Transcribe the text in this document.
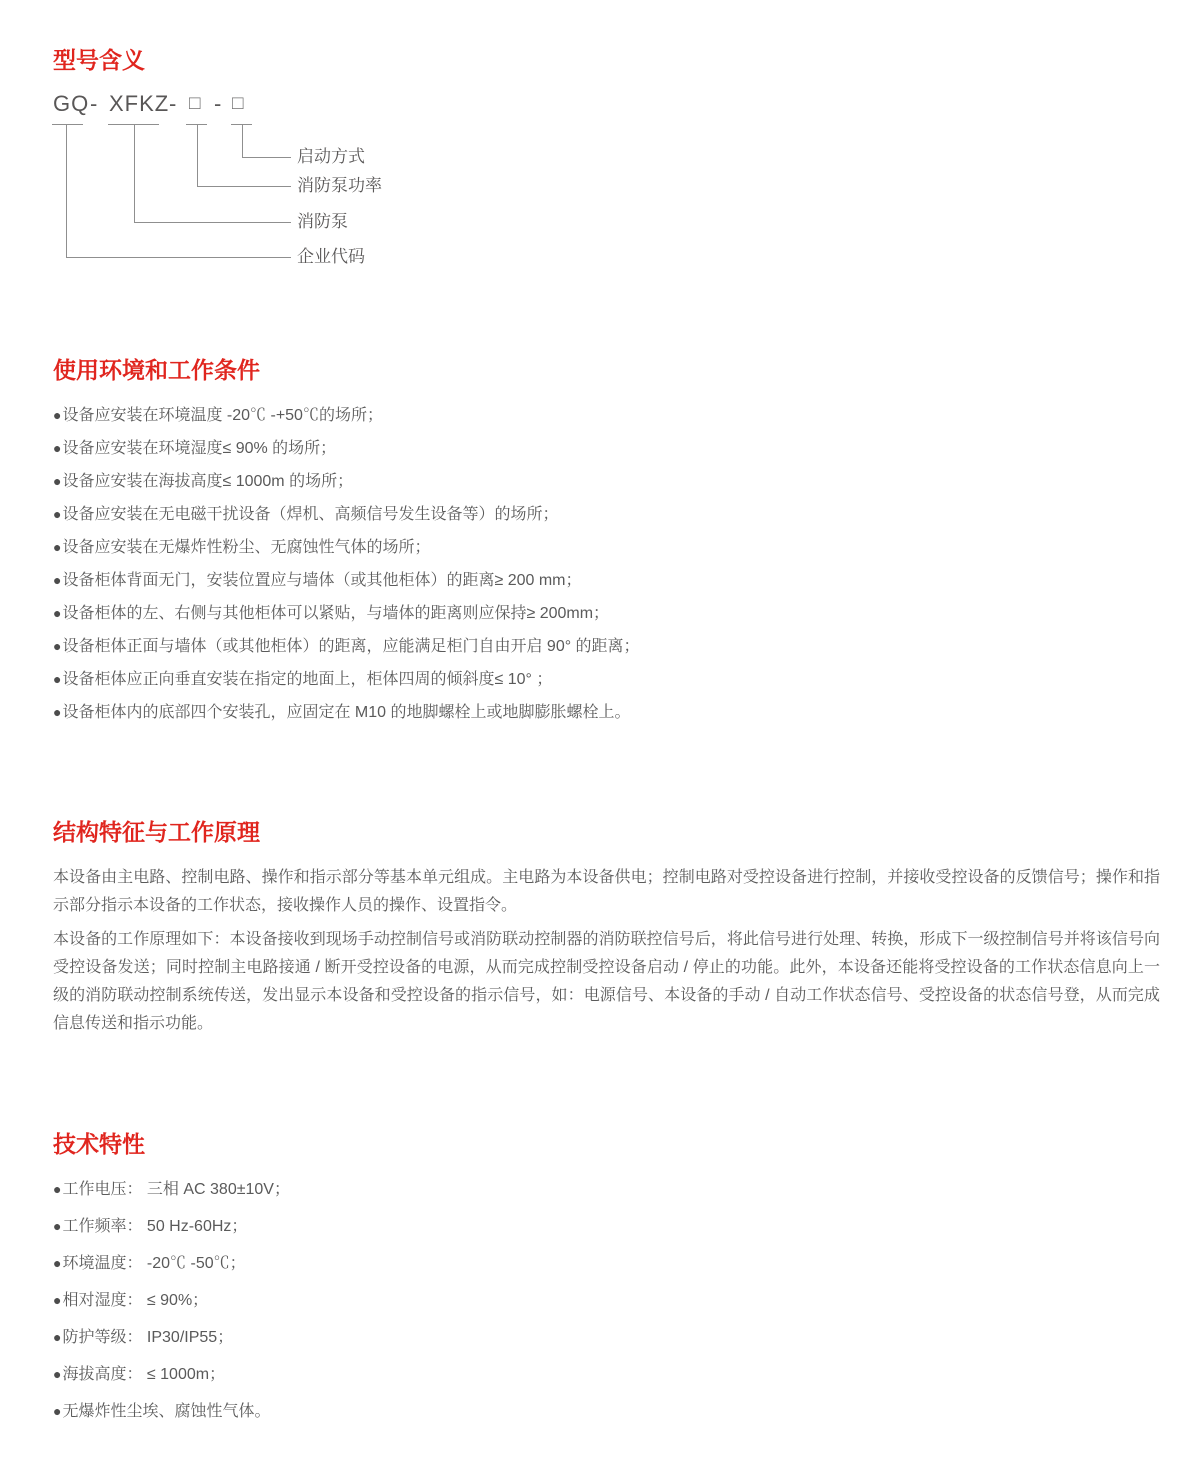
型号含义
GQ - XFKZ - □ - □
启动方式
消防泵功率
消防泵
企业代码
使用环境和工作条件
●设备应安装在环境温度 -20℃ -+50℃的场所；
●设备应安装在环境湿度≤ 90% 的场所；
●设备应安装在海拔高度≤ 1000m 的场所；
●设备应安装在无电磁干扰设备（焊机、高频信号发生设备等）的场所；
●设备应安装在无爆炸性粉尘、无腐蚀性气体的场所；
●设备柜体背面无门，安装位置应与墙体（或其他柜体）的距离≥ 200 mm；
●设备柜体的左、右侧与其他柜体可以紧贴，与墙体的距离则应保持≥ 200mm；
●设备柜体正面与墙体（或其他柜体）的距离，应能满足柜门自由开启 90° 的距离；
●设备柜体应正向垂直安装在指定的地面上，柜体四周的倾斜度≤ 10° ；
●设备柜体内的底部四个安装孔，应固定在 M10 的地脚螺栓上或地脚膨胀螺栓上。
结构特征与工作原理

本设备由主电路、控制电路、操作和指示部分等基本单元组成。主电路为本设备供电；控制电路对受控设备进行控制，并接收受控设备的反馈信号；操作和指示部分指示本设备的工作状态，接收操作人员的操作、设置指令。

本设备的工作原理如下：本设备接收到现场手动控制信号或消防联动控制器的消防联控信号后，将此信号进行处理、转换，形成下一级控制信号并将该信号向受控设备发送；同时控制主电路接通 / 断开受控设备的电源，从而完成控制受控设备启动 / 停止的功能。此外，本设备还能将受控设备的工作状态信息向上一级的消防联动控制系统传送，发出显示本设备和受控设备的指示信号，如：电源信号、本设备的手动 / 自动工作状态信号、受控设备的状态信号登，从而完成信息传送和指示功能。

技术特性
●工作电压： 三相 AC 380±10V；
●工作频率： 50 Hz-60Hz；
●环境温度： -20℃ -50℃；
●相对湿度： ≤ 90%；
●防护等级： IP30/IP55；
●海拔高度： ≤ 1000m；
●无爆炸性尘埃、腐蚀性气体。
